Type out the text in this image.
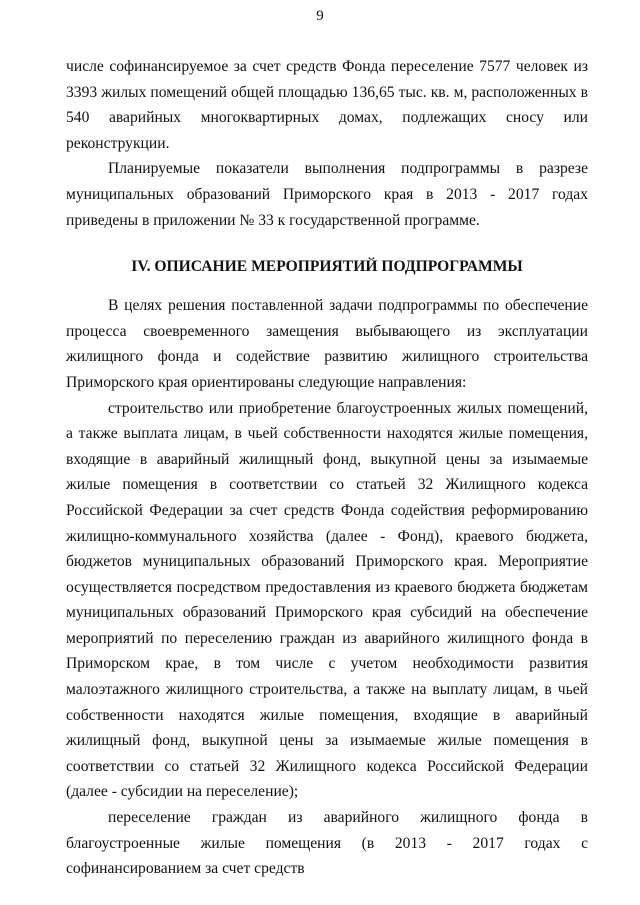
9

числе софинансируемое за счет средств Фонда переселение 7577 человек из 3393 жилых помещений общей площадью 136,65 тыс. кв. м, расположенных в 540 аварийных многоквартирных домах, подлежащих сносу или реконструкции.

Планируемые показатели выполнения подпрограммы в разрезе муниципальных образований Приморского края в 2013 - 2017 годах приведены в приложении № 33 к государственной программе.

IV. ОПИСАНИЕ МЕРОПРИЯТИЙ ПОДПРОГРАММЫ

В целях решения поставленной задачи подпрограммы по обеспечение процесса своевременного замещения выбывающего из эксплуатации жилищного фонда и содействие развитию жилищного строительства Приморского края ориентированы следующие направления:

строительство или приобретение благоустроенных жилых помещений, а также выплата лицам, в чьей собственности находятся жилые помещения, входящие в аварийный жилищный фонд, выкупной цены за изымаемые жилые помещения в соответствии со статьей 32 Жилищного кодекса Российской Федерации за счет средств Фонда содействия реформированию жилищно-коммунального хозяйства (далее - Фонд), краевого бюджета, бюджетов муниципальных образований Приморского края. Мероприятие осуществляется посредством предоставления из краевого бюджета бюджетам муниципальных образований Приморского края субсидий на обеспечение мероприятий по переселению граждан из аварийного жилищного фонда в Приморском крае, в том числе с учетом необходимости развития малоэтажного жилищного строительства, а также на выплату лицам, в чьей собственности находятся жилые помещения, входящие в аварийный жилищный фонд, выкупной цены за изымаемые жилые помещения в соответствии со статьей 32 Жилищного кодекса Российской Федерации (далее - субсидии на переселение);

переселение граждан из аварийного жилищного фонда в благоустроенные жилые помещения (в 2013 - 2017 годах с софинансированием за счет средств
